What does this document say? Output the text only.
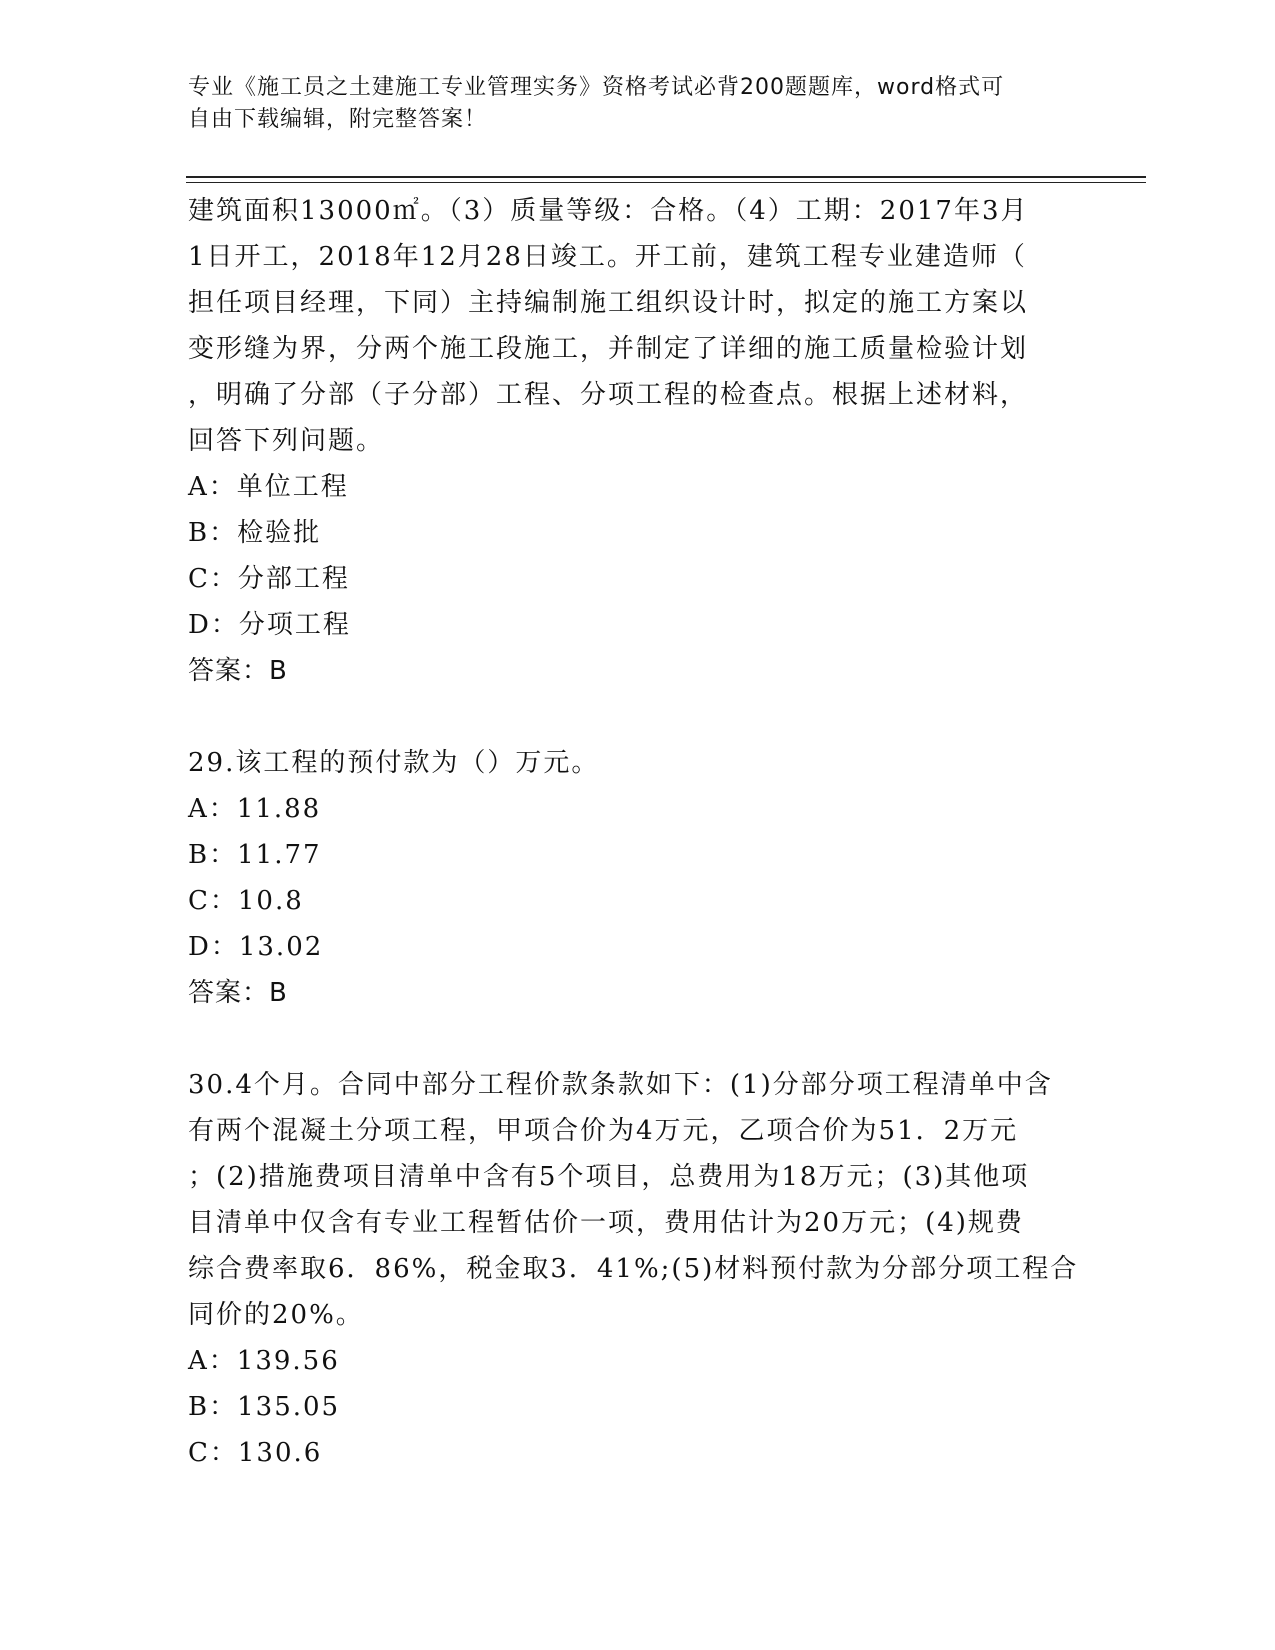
专业《施工员之土建施工专业管理实务》资格考试必背200题题库，word格式可
自由下载编辑，附完整答案！
建筑面积13000㎡。（3）质量等级：合格。（4）工期：2017年3月
1日开工，2018年12月28日竣工。开工前，建筑工程专业建造师（
担任项目经理，下同）主持编制施工组织设计时，拟定的施工方案以
变形缝为界，分两个施工段施工，并制定了详细的施工质量检验计划
，明确了分部（子分部）工程、分项工程的检查点。根据上述材料，
回答下列问题。
A：单位工程
B：检验批
C：分部工程
D：分项工程
答案：B
29.该工程的预付款为（）万元。
A：11.88
B：11.77
C：10.8
D：13.02
答案：B
30.4个月。合同中部分工程价款条款如下：(1)分部分项工程清单中含
有两个混凝土分项工程，甲项合价为4万元，乙项合价为51．2万元
；(2)措施费项目清单中含有5个项目，总费用为18万元；(3)其他项
目清单中仅含有专业工程暂估价一项，费用估计为20万元；(4)规费
综合费率取6．86%，税金取3．41%;(5)材料预付款为分部分项工程合
同价的20%。
A：139.56
B：135.05
C：130.6
